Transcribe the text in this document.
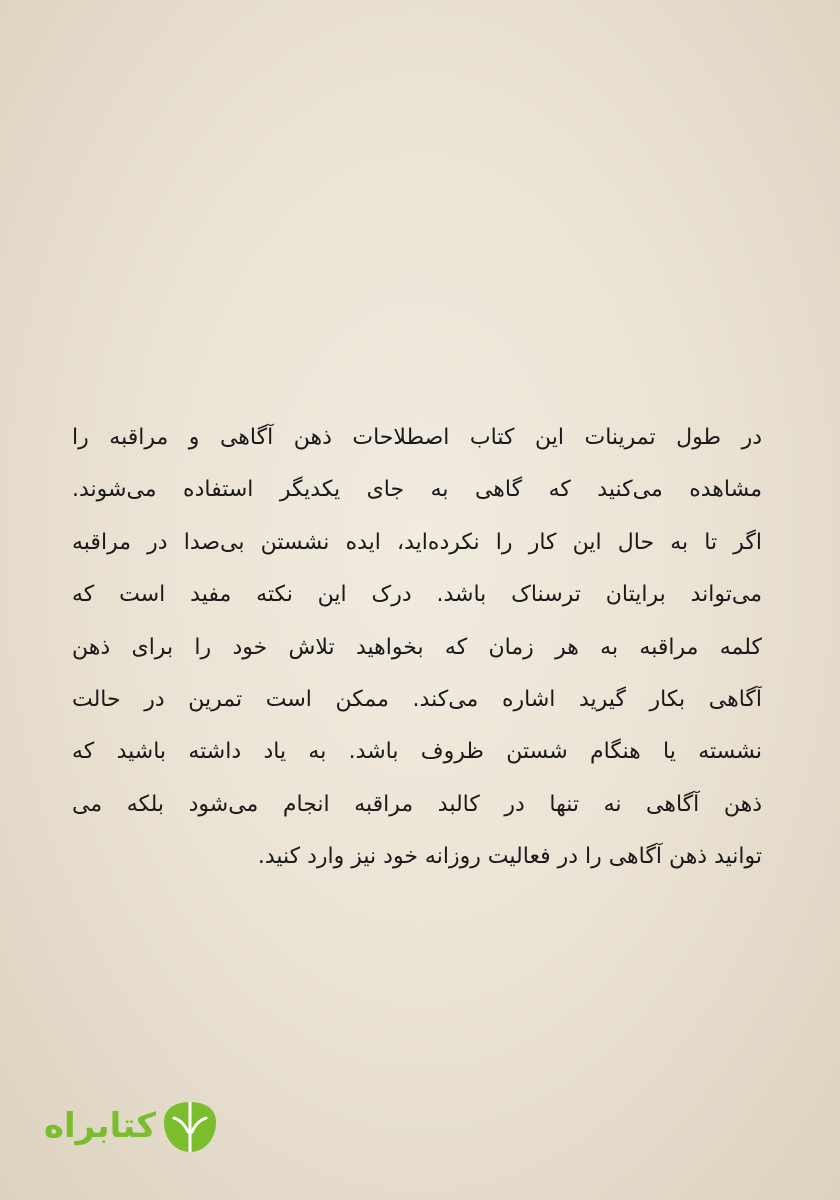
در طول تمرینات این کتاب اصطلاحات ذهن آگاهی و مراقبه را
مشاهده می‌کنید که گاهی به جای یکدیگر استفاده می‌شوند.
اگر تا به حال این کار را نکرده‌اید، ایده نشستن بی‌صدا در مراقبه
می‌تواند برایتان ترسناک باشد. درک این نکته مفید است که
کلمه مراقبه به هر زمان که بخواهید تلاش خود را برای ذهن
آگاهی بکار گیرید اشاره می‌کند. ممکن است تمرین در حالت
نشسته یا هنگام شستن ظروف باشد. به یاد داشته باشید که
ذهن آگاهی نه تنها در کالبد مراقبه انجام می‌شود بلکه می
توانید ذهن آگاهی را در فعالیت روزانه خود نیز وارد کنید.
کتابراه
